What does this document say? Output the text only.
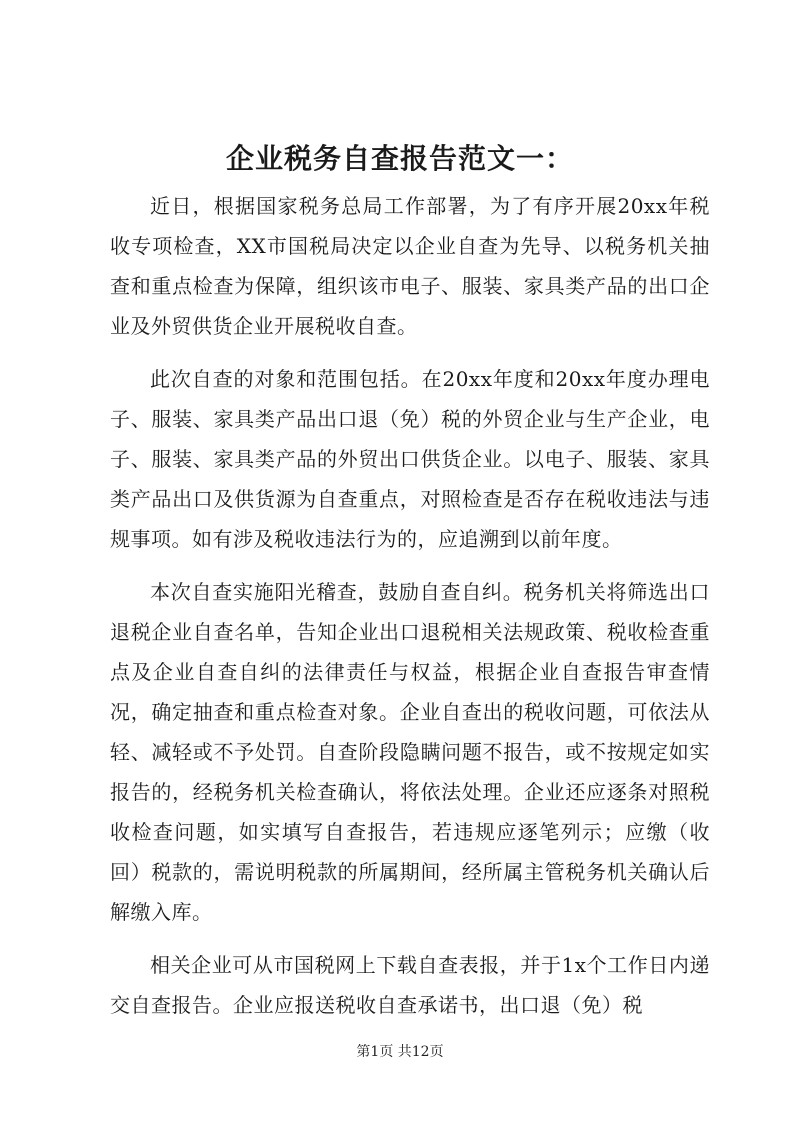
企业税务自查报告范文一：

近日，根据国家税务总局工作部署，为了有序开展20xx年税收专项检查，XX市国税局决定以企业自查为先导、以税务机关抽查和重点检查为保障，组织该市电子、服装、家具类产品的出口企业及外贸供货企业开展税收自查。

此次自查的对象和范围包括。在20xx年度和20xx年度办理电子、服装、家具类产品出口退（免）税的外贸企业与生产企业，电子、服装、家具类产品的外贸出口供货企业。以电子、服装、家具类产品出口及供货源为自查重点，对照检查是否存在税收违法与违规事项。如有涉及税收违法行为的，应追溯到以前年度。

本次自查实施阳光稽查，鼓励自查自纠。税务机关将筛选出口退税企业自查名单，告知企业出口退税相关法规政策、税收检查重点及企业自查自纠的法律责任与权益，根据企业自查报告审查情况，确定抽查和重点检查对象。企业自查出的税收问题，可依法从轻、减轻或不予处罚。自查阶段隐瞒问题不报告，或不按规定如实报告的，经税务机关检查确认，将依法处理。企业还应逐条对照税收检查问题，如实填写自查报告，若违规应逐笔列示；应缴（收回）税款的，需说明税款的所属期间，经所属主管税务机关确认后解缴入库。

相关企业可从市国税网上下载自查表报，并于1x个工作日内递交自查报告。企业应报送税收自查承诺书，出口退（免）税

第1页 共12页
